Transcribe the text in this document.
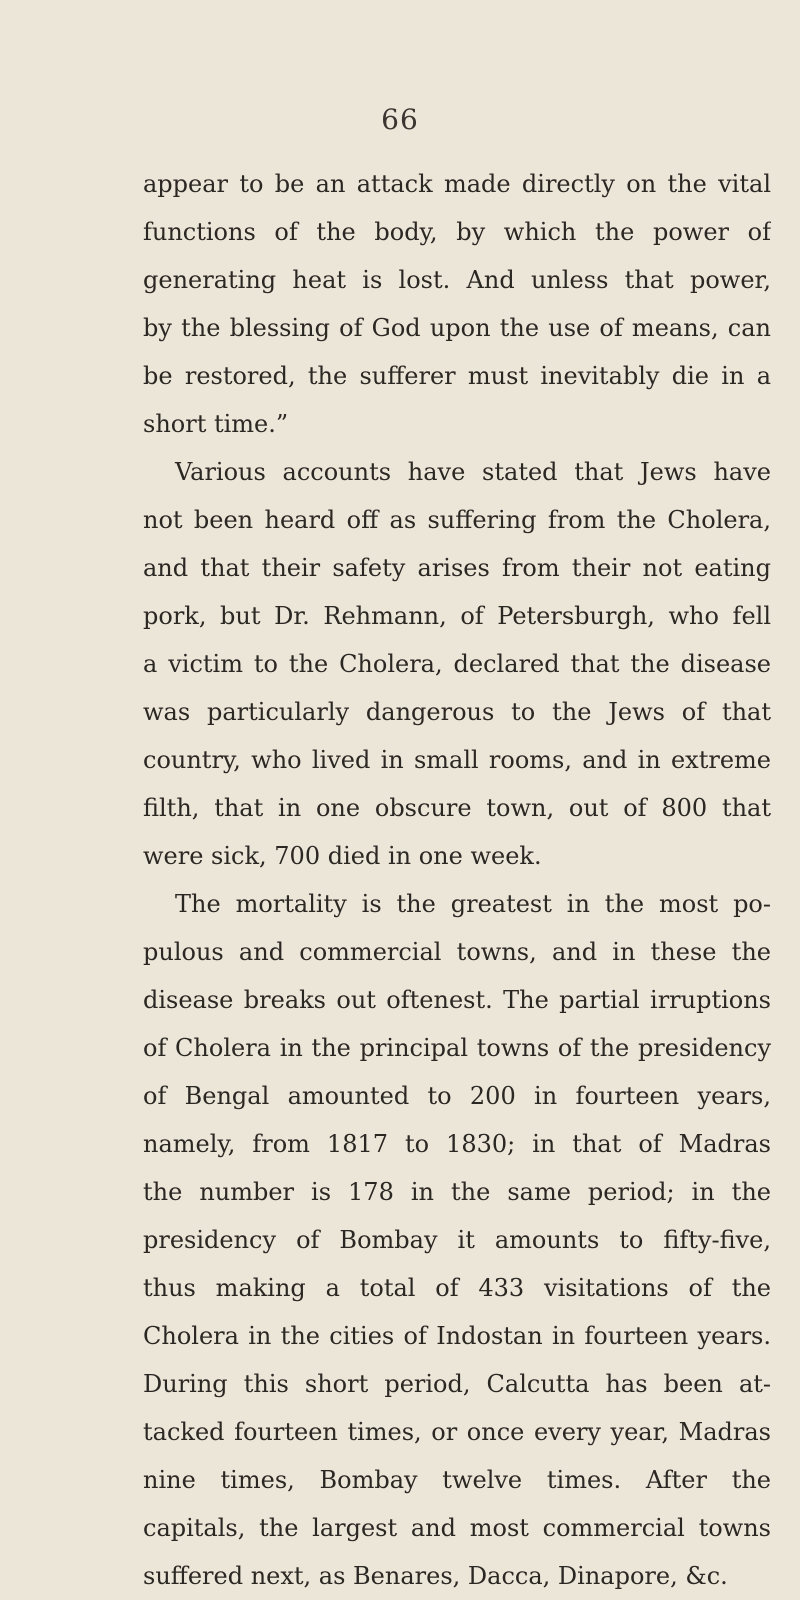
66
appear to be an attack made directly on the vital
functions of the body, by which the power of
generating heat is lost. And unless that power,
by the blessing of God upon the use of means, can
be restored, the sufferer must inevitably die in a
short time.”
Various accounts have stated that Jews have
not been heard off as suffering from the Cholera,
and that their safety arises from their not eating
pork, but Dr. Rehmann, of Petersburgh, who fell
a victim to the Cholera, declared that the disease
was particularly dangerous to the Jews of that
country, who lived in small rooms, and in extreme
filth, that in one obscure town, out of 800 that
were sick, 700 died in one week.
The mortality is the greatest in the most po-
pulous and commercial towns, and in these the
disease breaks out oftenest. The partial irruptions
of Cholera in the principal towns of the presidency
of Bengal amounted to 200 in fourteen years,
namely, from 1817 to 1830; in that of Madras
the number is 178 in the same period; in the
presidency of Bombay it amounts to fifty-five,
thus making a total of 433 visitations of the
Cholera in the cities of Indostan in fourteen years.
During this short period, Calcutta has been at-
tacked fourteen times, or once every year, Madras
nine times, Bombay twelve times. After the
capitals, the largest and most commercial towns
suffered next, as Benares, Dacca, Dinapore, &c.
